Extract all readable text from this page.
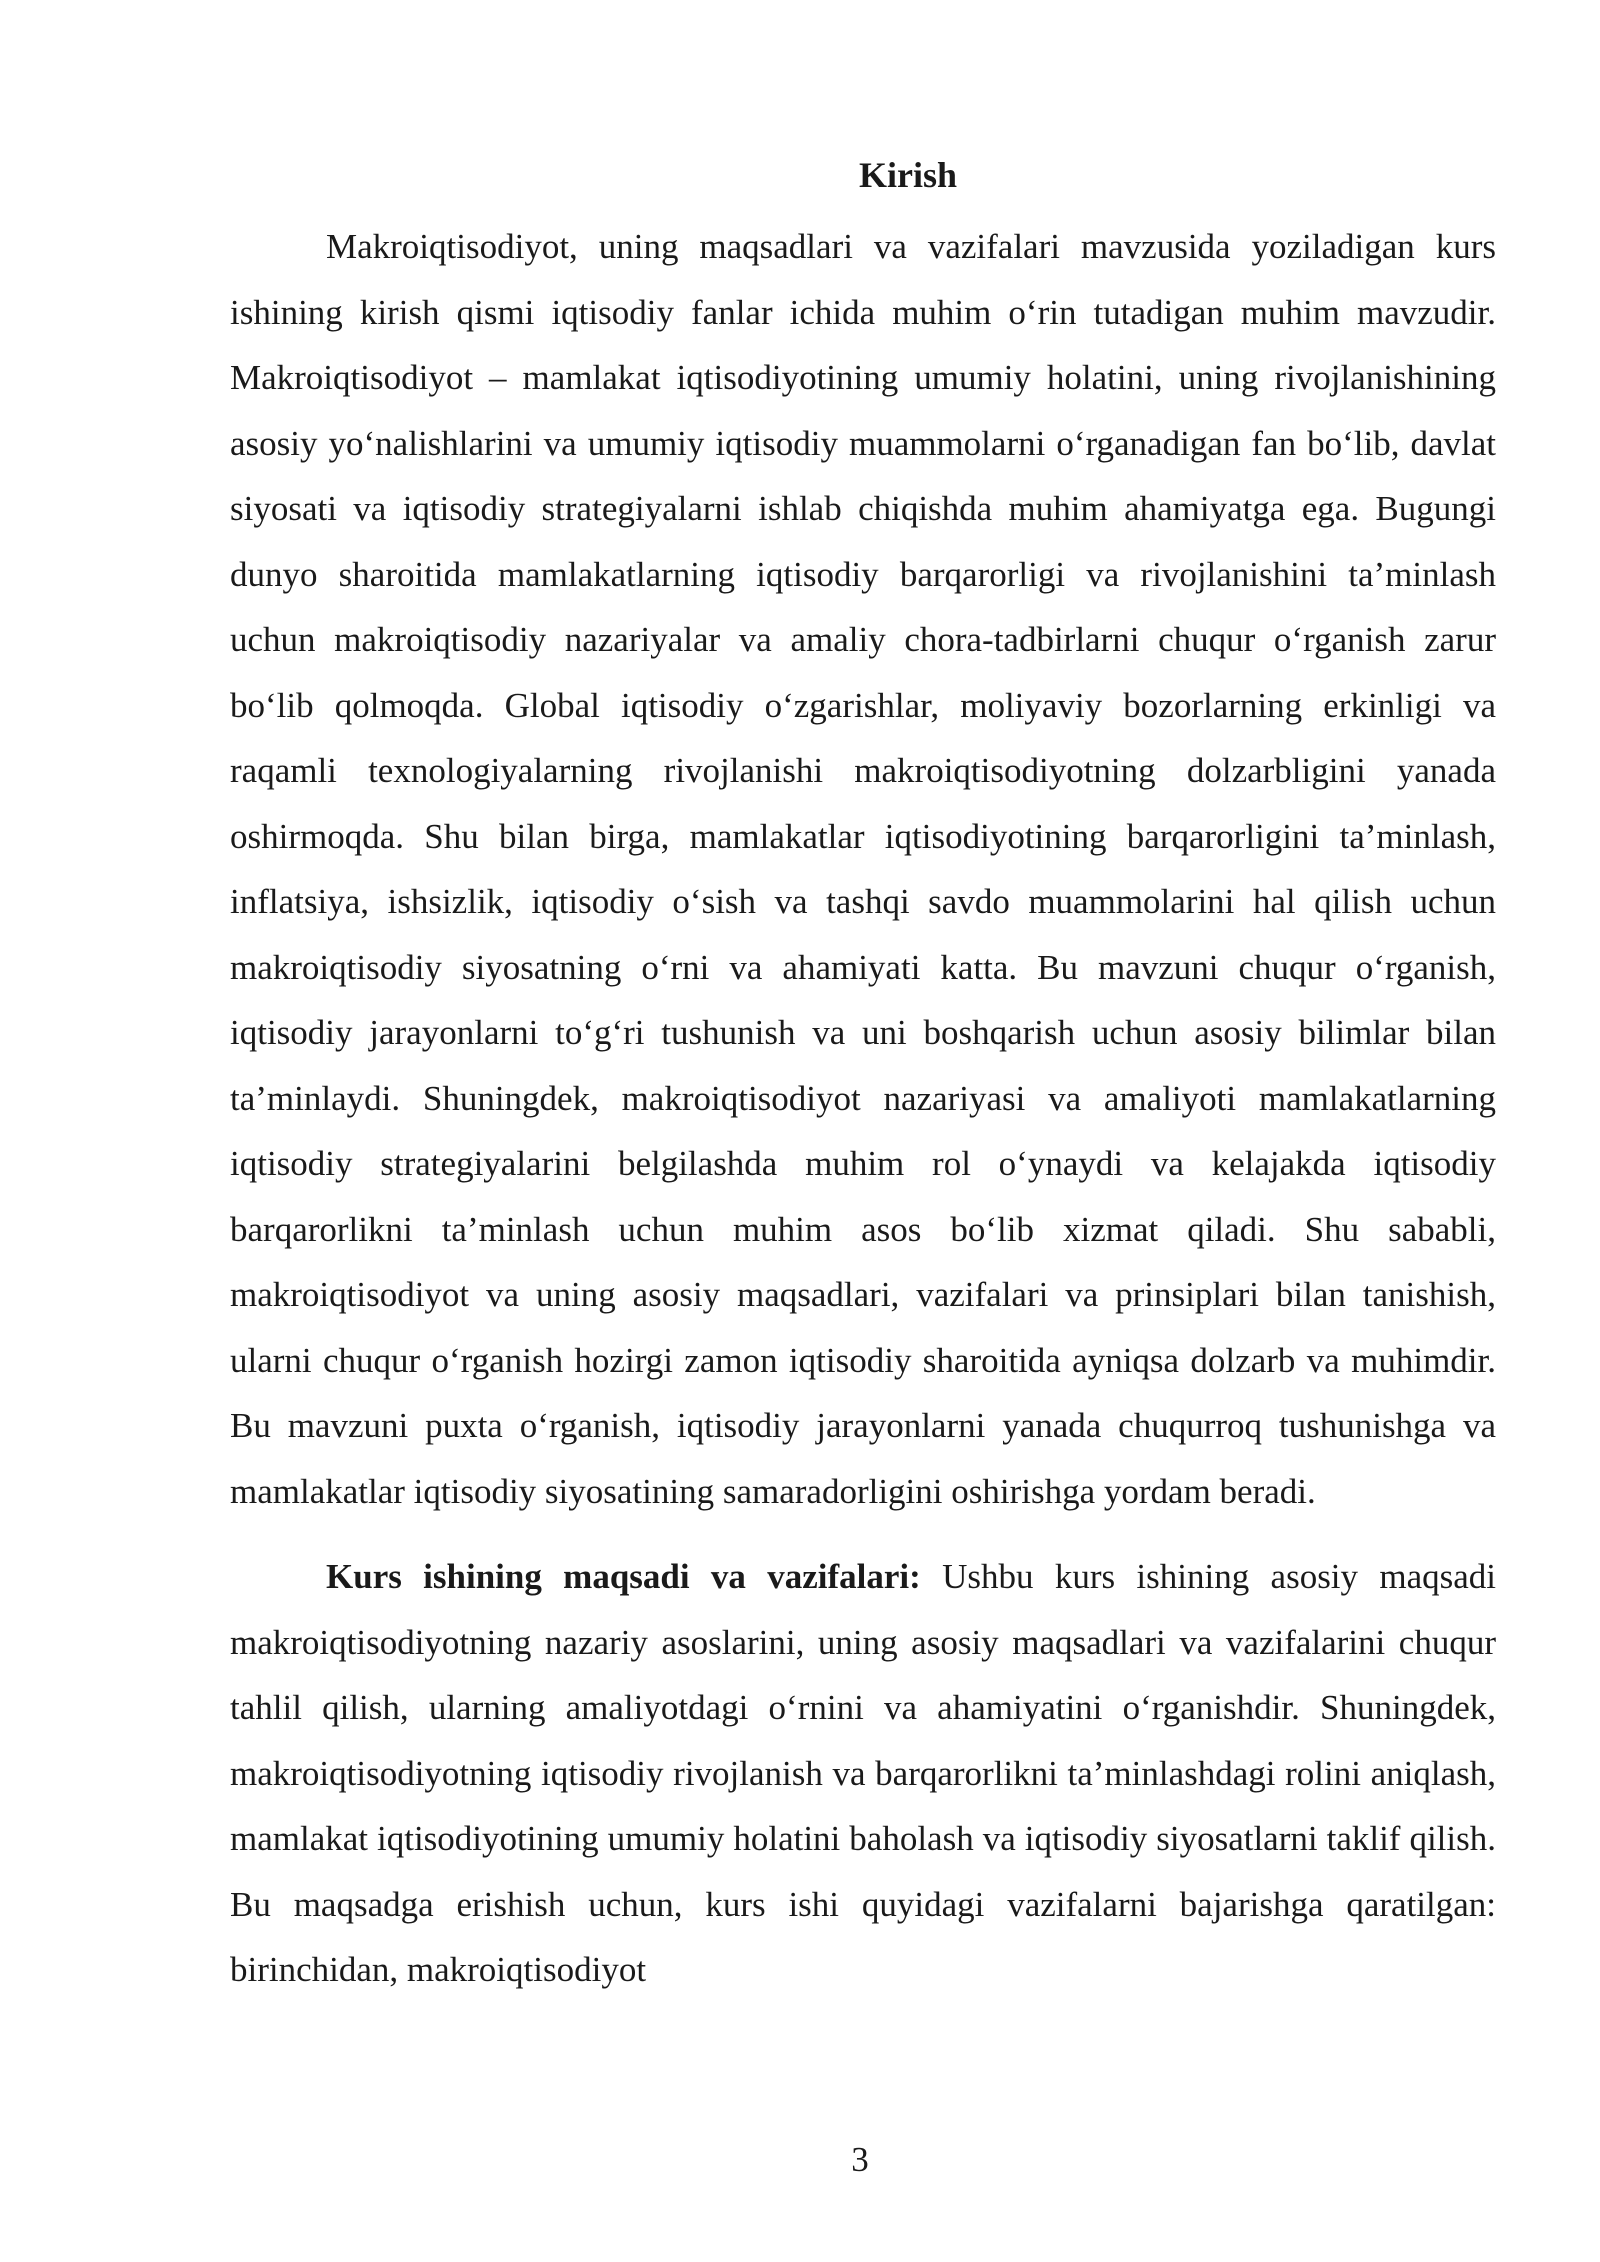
Kirish

Makroiqtisodiyot, uning maqsadlari va vazifalari mavzusida yoziladigan kurs ishining kirish qismi iqtisodiy fanlar ichida muhim o‘rin tutadigan muhim mavzudir. Makroiqtisodiyot – mamlakat iqtisodiyotining umumiy holatini, uning rivojlanishining asosiy yo‘nalishlarini va umumiy iqtisodiy muammolarni o‘rganadigan fan bo‘lib, davlat siyosati va iqtisodiy strategiyalarni ishlab chiqishda muhim ahamiyatga ega. Bugungi dunyo sharoitida mamlakatlarning iqtisodiy barqarorligi va rivojlanishini ta’minlash uchun makroiqtisodiy nazariyalar va amaliy chora-tadbirlarni chuqur o‘rganish zarur bo‘lib qolmoqda. Global iqtisodiy o‘zgarishlar, moliyaviy bozorlarning erkinligi va raqamli texnologiyalarning rivojlanishi makroiqtisodiyotning dolzarbligini yanada oshirmoqda. Shu bilan birga, mamlakatlar iqtisodiyotining barqarorligini ta’minlash, inflatsiya, ishsizlik, iqtisodiy o‘sish va tashqi savdo muammolarini hal qilish uchun makroiqtisodiy siyosatning o‘rni va ahamiyati katta. Bu mavzuni chuqur o‘rganish, iqtisodiy jarayonlarni to‘g‘ri tushunish va uni boshqarish uchun asosiy bilimlar bilan ta’minlaydi. Shuningdek, makroiqtisodiyot nazariyasi va amaliyoti mamlakatlarning iqtisodiy strategiyalarini belgilashda muhim rol o‘ynaydi va kelajakda iqtisodiy barqarorlikni ta’minlash uchun muhim asos bo‘lib xizmat qiladi. Shu sababli, makroiqtisodiyot va uning asosiy maqsadlari, vazifalari va prinsiplari bilan tanishish, ularni chuqur o‘rganish hozirgi zamon iqtisodiy sharoitida ayniqsa dolzarb va muhimdir. Bu mavzuni puxta o‘rganish, iqtisodiy jarayonlarni yanada chuqurroq tushunishga va mamlakatlar iqtisodiy siyosatining samaradorligini oshirishga yordam beradi.

Kurs ishining maqsadi va vazifalari: Ushbu kurs ishining asosiy maqsadi makroiqtisodiyotning nazariy asoslarini, uning asosiy maqsadlari va vazifalarini chuqur tahlil qilish, ularning amaliyotdagi o‘rnini va ahamiyatini o‘rganishdir. Shuningdek, makroiqtisodiyotning iqtisodiy rivojlanish va barqarorlikni ta’minlashdagi rolini aniqlash, mamlakat iqtisodiyotining umumiy holatini baholash va iqtisodiy siyosatlarni taklif qilish. Bu maqsadga erishish uchun, kurs ishi quyidagi vazifalarni bajarishga qaratilgan: birinchidan, makroiqtisodiyot

3
